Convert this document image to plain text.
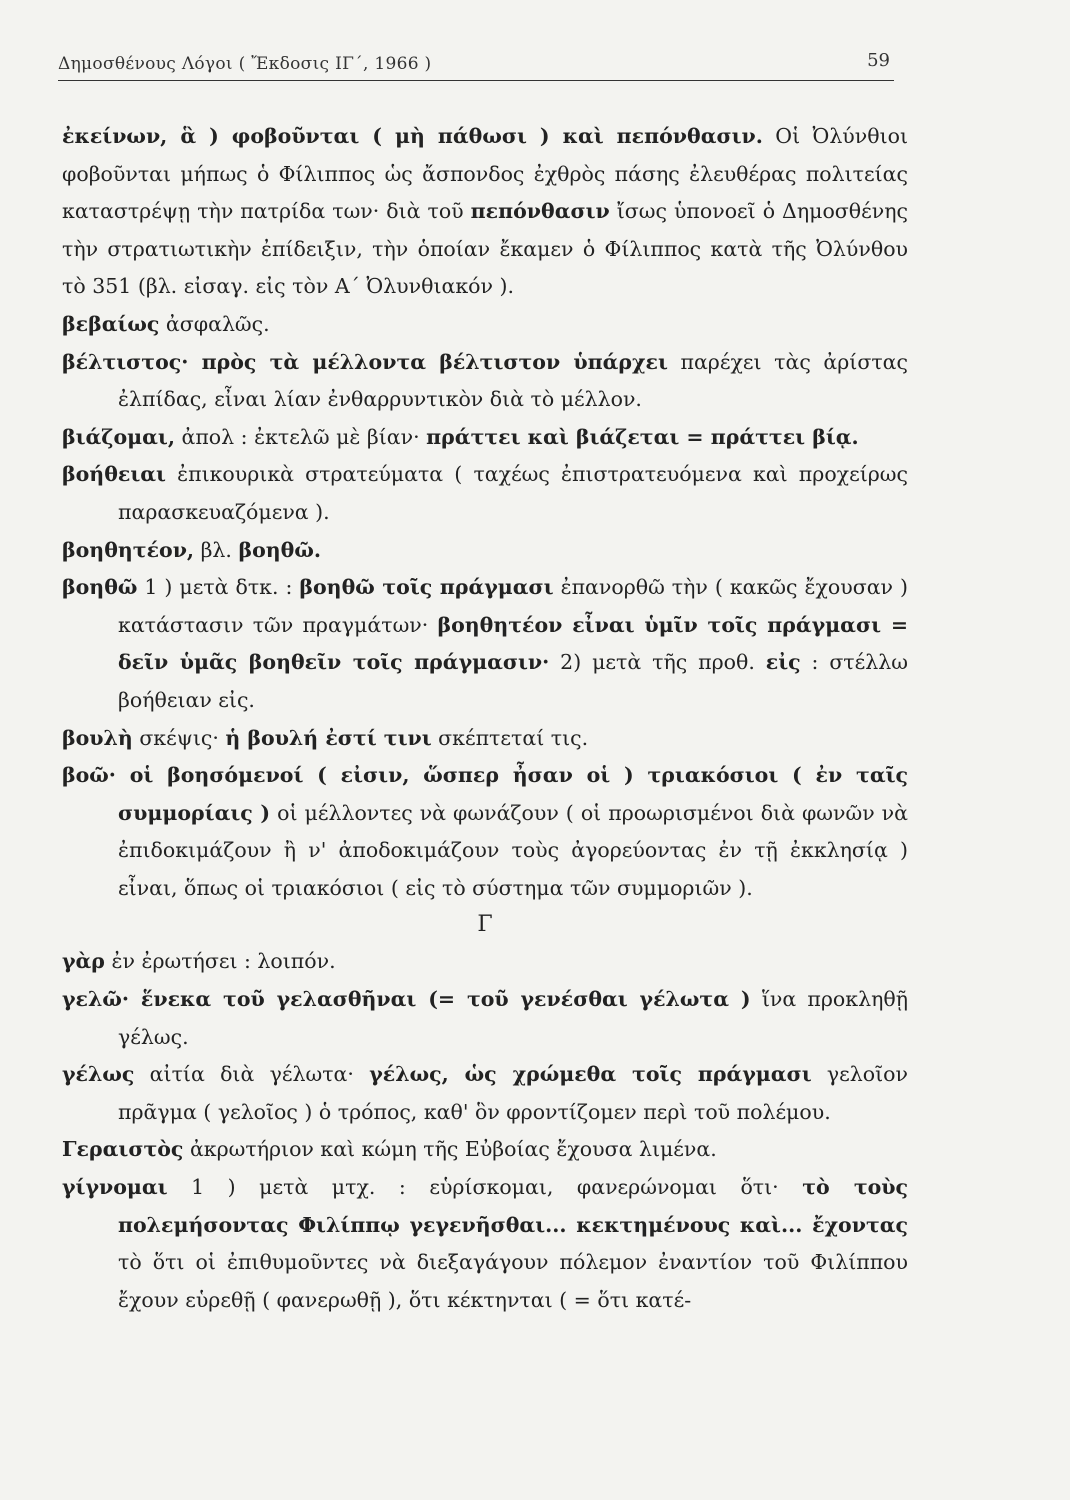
Δημοσθένους Λόγοι ( Ἔκδοσις ΙΓ΄, 1966 )	59
ἐκείνων, ἃ ) φοβοῦνται ( μὴ πάθωσι ) καὶ πεπόνθασιν. Οἱ Ὀλύνθιοι φοβοῦνται μήπως ὁ Φίλιππος ὡς ἄσπονδος ἐχθρὸς πάσης ἐλευθέρας πολιτείας καταστρέψῃ τὴν πατρίδα των· διὰ τοῦ πεπόνθασιν ἴσως ὑπονοεῖ ὁ Δημοσθένης τὴν στρατιωτικὴν ἐπίδειξιν, τὴν ὁποίαν ἔκαμεν ὁ Φίλιππος κατὰ τῆς Ὀλύνθου τὸ 351 (βλ. εἰσαγ. εἰς τὸν Α΄ Ὀλυνθιακόν ).
βεβαίως ἀσφαλῶς.
βέλτιστος· πρὸς τὰ μέλλοντα βέλτιστον ὑπάρχει παρέχει τὰς ἀρίστας ἐλπίδας, εἶναι λίαν ἐνθαρρυντικὸν διὰ τὸ μέλλον.
βιάζομαι, ἀπολ : ἐκτελῶ μὲ βίαν· πράττει καὶ βιάζεται = πράττει βίᾳ.
βοήθειαι ἐπικουρικὰ στρατεύματα ( ταχέως ἐπιστρατευόμενα καὶ προχείρως παρασκευαζόμενα ).
βοηθητέον, βλ. βοηθῶ.
βοηθῶ 1 ) μετὰ δτκ. : βοηθῶ τοῖς πράγμασι ἐπανορθῶ τὴν ( κακῶς ἔχουσαν ) κατάστασιν τῶν πραγμάτων· βοηθητέον εἶναι ὑμῖν τοῖς πράγμασι = δεῖν ὑμᾶς βοηθεῖν τοῖς πράγμασιν· 2) μετὰ τῆς προθ. εἰς : στέλλω βοήθειαν εἰς.
βουλὴ σκέψις· ἡ βουλή ἐστί τινι σκέπτεταί τις.
βοῶ· οἱ βοησόμενοί ( εἰσιν, ὥσπερ ἦσαν οἱ ) τριακόσιοι ( ἐν ταῖς συμμορίαις ) οἱ μέλλοντες νὰ φωνάζουν ( οἱ προωρισμένοι διὰ φωνῶν νὰ ἐπιδοκιμάζουν ἢ ν' ἀποδοκιμάζουν τοὺς ἀγορεύοντας ἐν τῇ ἐκκλησίᾳ ) εἶναι, ὅπως οἱ τριακόσιοι ( εἰς τὸ σύστημα τῶν συμμοριῶν ).
Γ
γὰρ ἐν ἐρωτήσει : λοιπόν.
γελῶ· ἕνεκα τοῦ γελασθῆναι (= τοῦ γενέσθαι γέλωτα ) ἵνα προκληθῇ γέλως.
γέλως αἰτία διὰ γέλωτα· γέλως, ὡς χρώμεθα τοῖς πράγμασι γελοῖον πρᾶγμα ( γελοῖος ) ὁ τρόπος, καθ' ὃν φροντίζομεν περὶ τοῦ πολέμου.
Γεραιστὸς ἀκρωτήριον καὶ κώμη τῆς Εὐβοίας ἔχουσα λιμένα.
γίγνομαι 1 ) μετὰ μτχ. : εὑρίσκομαι, φανερώνομαι ὅτι· τὸ τοὺς πολεμήσοντας Φιλίππῳ γεγενῆσθαι... κεκτημένους καὶ... ἔχοντας τὸ ὅτι οἱ ἐπιθυμοῦντες νὰ διεξαγάγουν πόλεμον ἐναντίον τοῦ Φιλίππου ἔχουν εὑρεθῇ ( φανερωθῇ ), ὅτι κέκτηνται ( = ὅτι κατέ-
